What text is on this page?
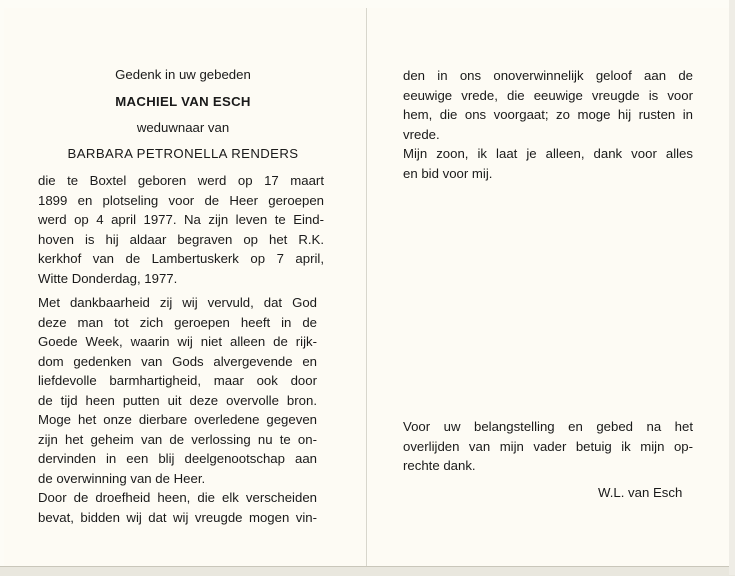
Gedenk in uw gebeden
MACHIEL VAN ESCH
weduwnaar van
BARBARA PETRONELLA RENDERS
die te Boxtel geboren werd op 17 maart
1899 en plotseling voor de Heer geroepen
werd op 4 april 1977. Na zijn leven te Eind-
hoven is hij aldaar begraven op het R.K.
kerkhof van de Lambertuskerk op 7 april,
Witte Donderdag, 1977.
Met dankbaarheid zij wij vervuld, dat God
deze man tot zich geroepen heeft in de
Goede Week, waarin wij niet alleen de rijk-
dom gedenken van Gods alvergevende en
liefdevolle barmhartigheid, maar ook door
de tijd heen putten uit deze overvolle bron.
Moge het onze dierbare overledene gegeven
zijn het geheim van de verlossing nu te on-
dervinden in een blij deelgenootschap aan
de overwinning van de Heer.
Door de droefheid heen, die elk verscheiden
bevat, bidden wij dat wij vreugde mogen vin-
den in ons onoverwinnelijk geloof aan de
eeuwige vrede, die eeuwige vreugde is voor
hem, die ons voorgaat; zo moge hij rusten in
vrede.
Mijn zoon, ik laat je alleen, dank voor alles
en bid voor mij.
Voor uw belangstelling en gebed na het
overlijden van mijn vader betuig ik mijn op-
rechte dank.
W.L. van Esch
